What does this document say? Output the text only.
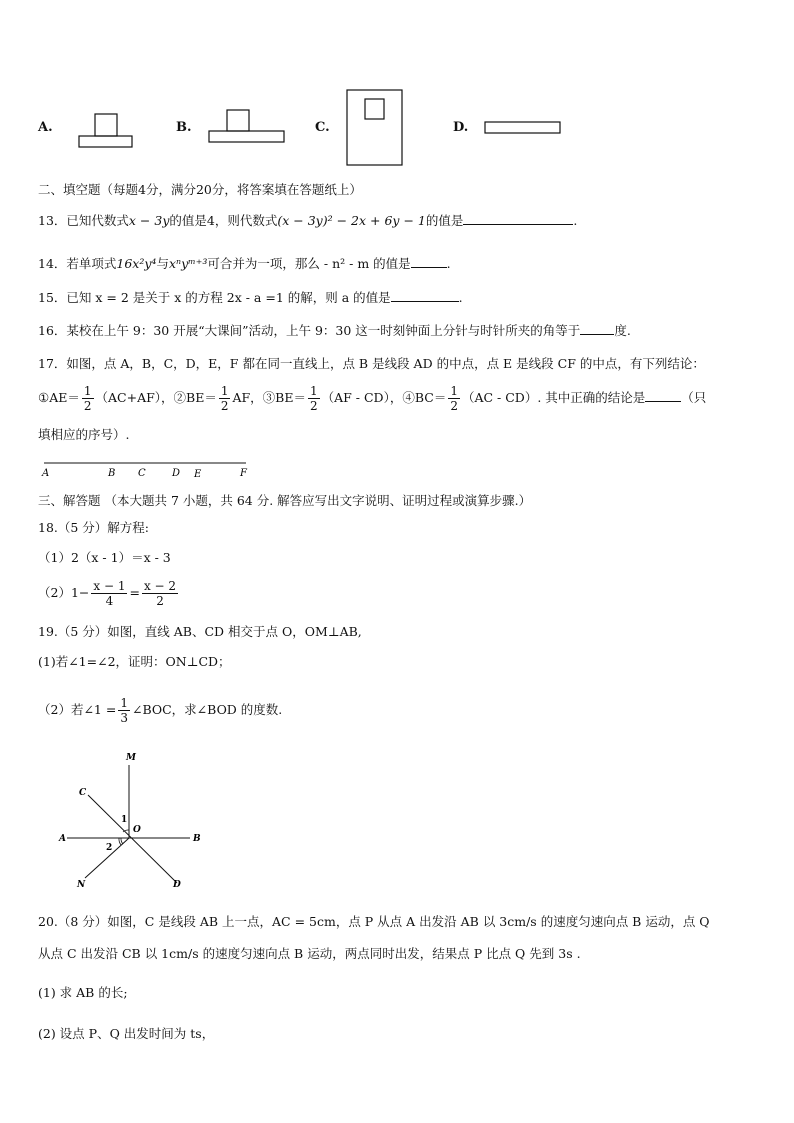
A.	B.	C.	D.
二、填空题（每题4分，满分20分，将答案填在答题纸上）
13．已知代数式x − 3y的值是4，则代数式(x − 3y)² − 2x + 6y − 1的值是	.
14．若单项式16x²y⁴与xⁿyᵐ⁺³可合并为一项，那么 - n² - m 的值是	.
15．已知 x = 2 是关于 x 的方程 2x - a =1 的解，则 a 的值是	.
16．某校在上午 9：30 开展“大课间”活动，上午 9：30 这一时刻钟面上分针与时针所夹的角等于	度.
17．如图，点 A，B，C，D，E，F 都在同一直线上，点 B 是线段 AD 的中点，点 E 是线段 CF 的中点，有下列结论：
①AE＝ $\frac{1}{2} (AC+AF)$，②BE＝ $\frac{1}{2}$ AF，③BE＝ $\frac{1}{2} (AF - CD)$，④BC＝ $\frac{1}{2} (AC - CD)$. 其中正确的结论是	（只
填相应的序号）.
A	B C	D E	F
三、解答题 （本大题共 7 小题，共 64 分. 解答应写出文字说明、证明过程或演算步骤.）
18.（5 分）解方程:
（1）2（x - 1）＝x - 3
$(2)1- \frac{x - 1}{4} = \frac{x - 2}{2}$
19.（5 分）如图，直线 AB、CD 相交于点 O，OM⊥AB,
(1)若∠1=∠2，证明：ON⊥CD；
（2）若∠1 = $\frac{1}{3}$ ∠BOC，求∠BOD 的度数.
M
C
A
O
B
N	D
1
2
20.（8 分）如图，C 是线段 AB 上一点，AC = 5cm，点 P 从点 A 出发沿 AB 以 3cm/s 的速度匀速向点 B 运动，点 Q
从点 C 出发沿 CB 以 1cm/s 的速度匀速向点 B 运动，两点同时出发，结果点 P 比点 Q 先到 3s .
(1) 求 AB 的长;
(2) 设点 P、Q 出发时间为 ts，
